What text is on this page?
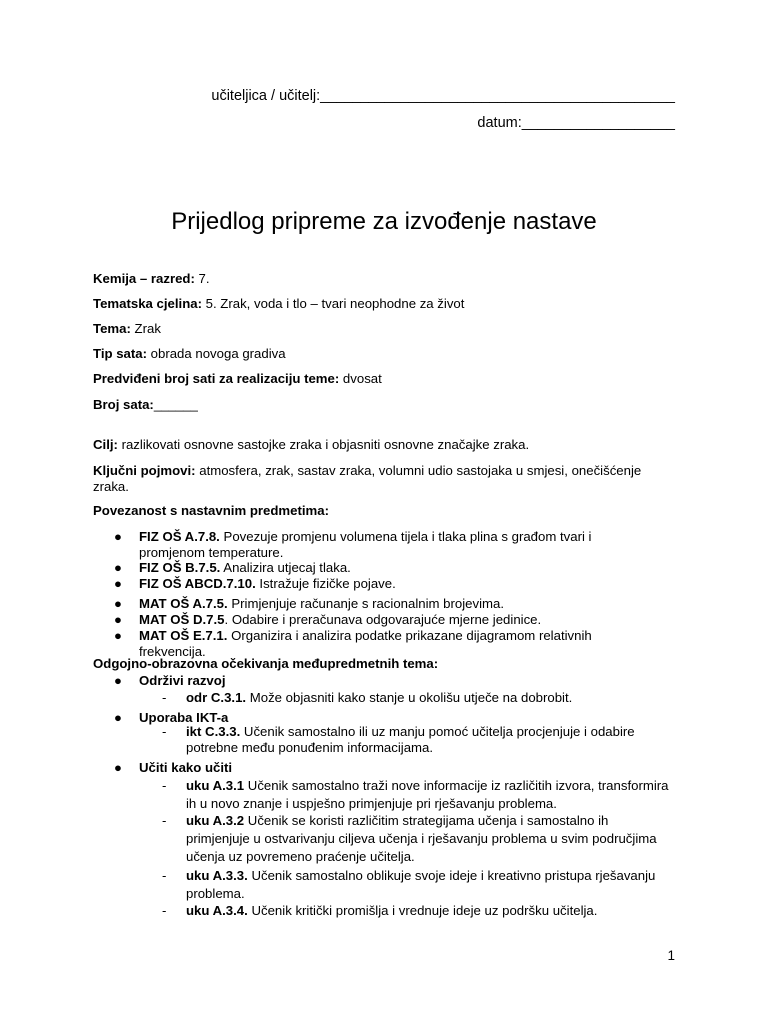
učiteljica / učitelj:____________________________________________
datum:___________________
Prijedlog pripreme za izvođenje nastave
Kemija – razred: 7.
Tematska cjelina: 5. Zrak, voda i tlo – tvari neophodne za život
Tema: Zrak
Tip sata: obrada novoga gradiva
Predviđeni broj sati za realizaciju teme: dvosat
Broj sata:______
Cilj: razlikovati osnovne sastojke zraka i objasniti osnovne značajke zraka.
Ključni pojmovi: atmosfera, zrak, sastav zraka, volumni udio sastojaka u smjesi, onečišćenje zraka.
Povezanost s nastavnim predmetima:
● FIZ OŠ A.7.8. Povezuje promjenu volumena tijela i tlaka plina s građom tvari i promjenom temperature.
● FIZ OŠ B.7.5. Analizira utjecaj tlaka.
● FIZ OŠ ABCD.7.10. Istražuje fizičke pojave.
● MAT OŠ A.7.5. Primjenjuje računanje s racionalnim brojevima.
● MAT OŠ D.7.5. Odabire i preračunava odgovarajuće mjerne jedinice.
● MAT OŠ E.7.1. Organizira i analizira podatke prikazane dijagramom relativnih frekvencija.
Odgojno-obrazovna očekivanja međupredmetnih tema:
● Održivi razvoj
- odr C.3.1. Može objasniti kako stanje u okolišu utječe na dobrobit.
● Uporaba IKT-a
- ikt C.3.3. Učenik samostalno ili uz manju pomoć učitelja procjenjuje i odabire potrebne među ponuđenim informacijama.
● Učiti kako učiti
- uku A.3.1 Učenik samostalno traži nove informacije iz različitih izvora, transformira ih u novo znanje i uspješno primjenjuje pri rješavanju problema.
- uku A.3.2 Učenik se koristi različitim strategijama učenja i samostalno ih primjenjuje u ostvarivanju ciljeva učenja i rješavanju problema u svim područjima učenja uz povremeno praćenje učitelja.
- uku A.3.3. Učenik samostalno oblikuje svoje ideje i kreativno pristupa rješavanju problema.
- uku A.3.4. Učenik kritički promišlja i vrednuje ideje uz podršku učitelja.
1
